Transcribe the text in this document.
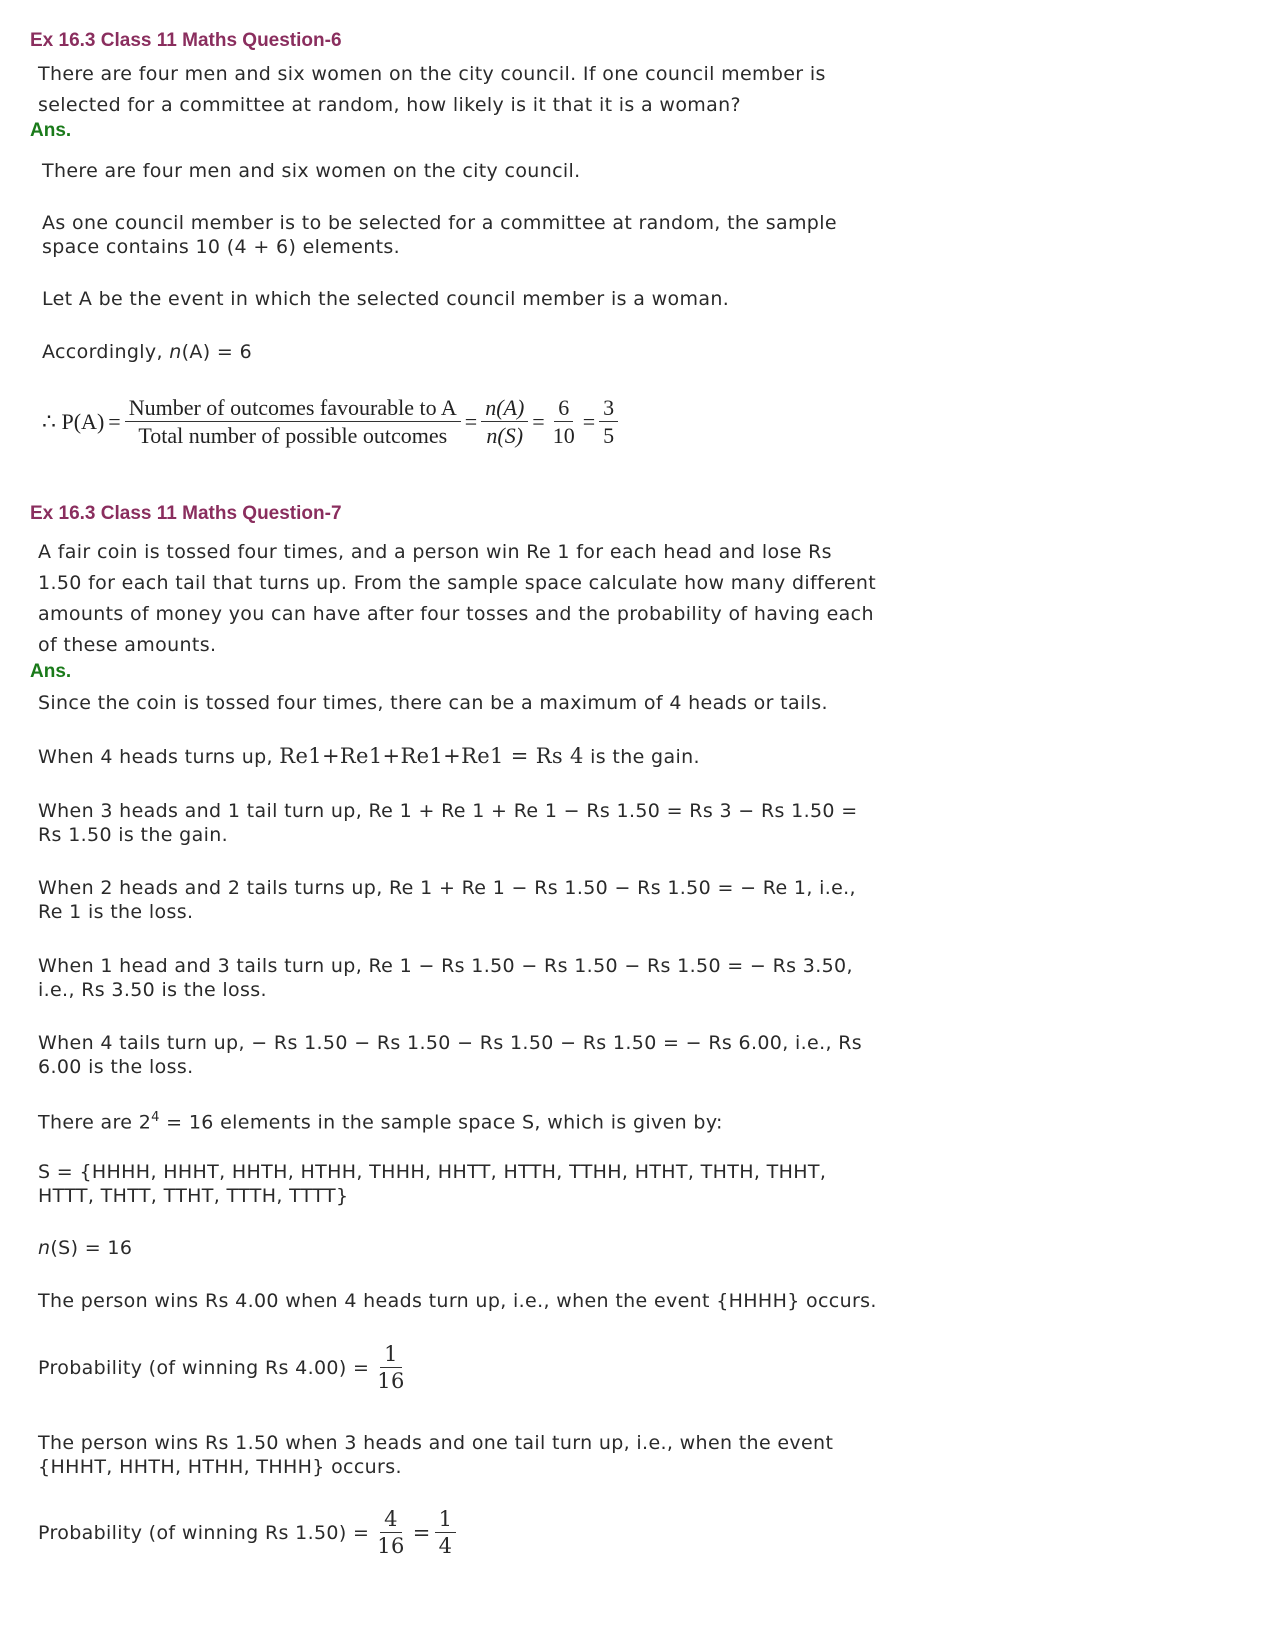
Ex 16.3 Class 11 Maths Question-6
There are four men and six women on the city council. If one council member is
selected for a committee at random, how likely is it that it is a woman?
Ans.
There are four men and six women on the city council.
As one council member is to be selected for a committee at random, the sample
space contains 10 (4 + 6) elements.
Let A be the event in which the selected council member is a woman.
Accordingly, n(A) = 6
∴ $P(A) = \frac{\text{Number of outcomes favourable to A}}{\text{Total number of possible outcomes}} = \frac{n(A)}{n(S)} = \frac{6}{10} = \frac{3}{5}$
Ex 16.3 Class 11 Maths Question-7
A fair coin is tossed four times, and a person win Re 1 for each head and lose Rs
1.50 for each tail that turns up. From the sample space calculate how many different
amounts of money you can have after four tosses and the probability of having each
of these amounts.
Ans.
Since the coin is tossed four times, there can be a maximum of 4 heads or tails.
When 4 heads turns up, Re1+Re1+Re1+Re1 = Rs 4 is the gain.
When 3 heads and 1 tail turn up, Re 1 + Re 1 + Re 1 − Rs 1.50 = Rs 3 − Rs 1.50 =
Rs 1.50 is the gain.
When 2 heads and 2 tails turns up, Re 1 + Re 1 − Rs 1.50 − Rs 1.50 = − Re 1, i.e.,
Re 1 is the loss.
When 1 head and 3 tails turn up, Re 1 − Rs 1.50 − Rs 1.50 − Rs 1.50 = − Rs 3.50,
i.e., Rs 3.50 is the loss.
When 4 tails turn up, − Rs 1.50 − Rs 1.50 − Rs 1.50 − Rs 1.50 = − Rs 6.00, i.e., Rs
6.00 is the loss.
There are $2^4 = 16$ elements in the sample space S, which is given by:
S = {HHHH, HHHT, HHTH, HTHH, THHH, HHTT, HTTH, TTHH, HTHT, THTH, THHT,
HTTT, THTT, TTHT, TTTH, TTTT}
n(S) = 16
The person wins Rs 4.00 when 4 heads turn up, i.e., when the event {HHHH} occurs.
Probability (of winning Rs $4.00) = \frac{1}{16}$
The person wins Rs 1.50 when 3 heads and one tail turn up, i.e., when the event
{HHHT, HHTH, HTHH, THHH} occurs.
Probability (of winning Rs $1.50) = \frac{4}{16} = \frac{1}{4}$
